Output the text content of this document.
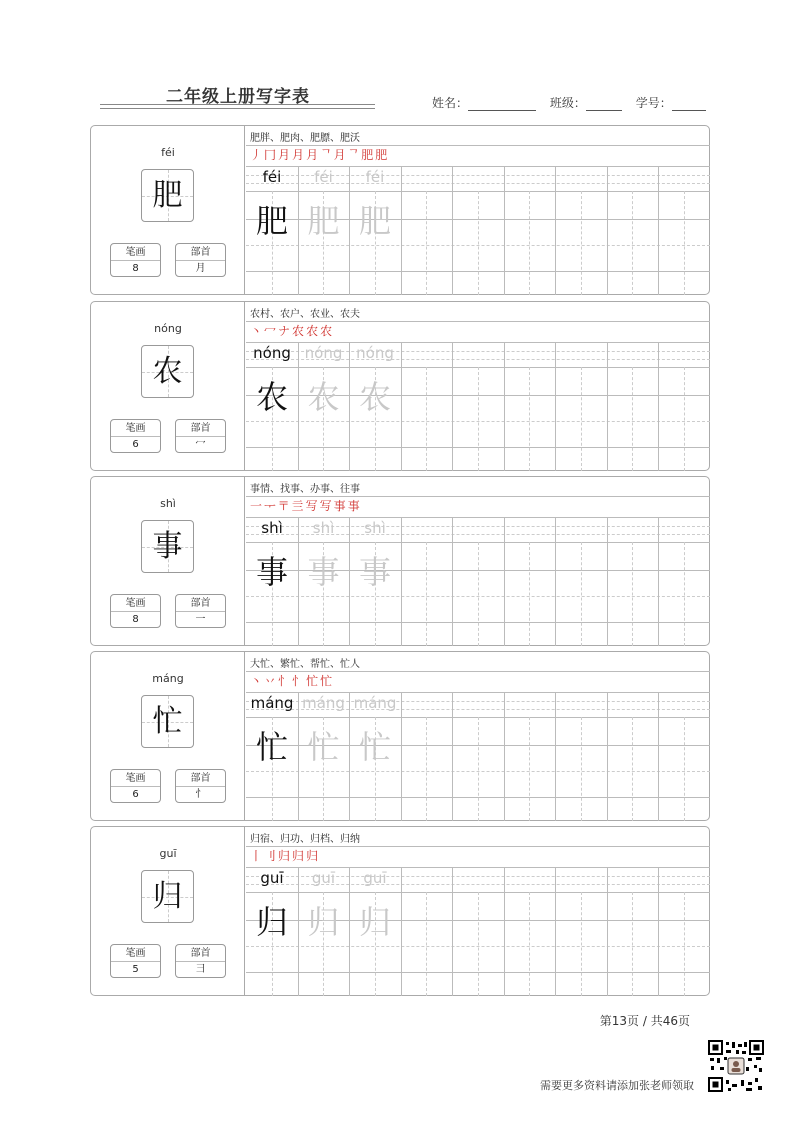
二年级上册写字表	姓名：	班级：	学号：
féi
肥
笔画
8
部首
月
肥胖、肥肉、肥膘、肥沃
丿冂月月月ᄀ月ᄀ肥肥
féi
肥
féi
肥
féi
肥
nóng
农
笔画
6
部首
冖
农村、农户、农业、农夫
丶冖ナ农农农
nóng
农
nóng
农
nóng
农
shì
事
笔画
8
部首
一
事情、找事、办事、往事
一ᅮ〒亖写写事事
shì
事
shì
事
shì
事
máng
忙
笔画
6
部首
忄
大忙、繁忙、帮忙、忙人
丶丷忄忄忙忙
máng
忙
máng
忙
máng
忙
guī
归
笔画
5
部首
彐
归宿、归功、归档、归纳
丨刂归归归
guī
归
guī
归
guī
归
第13页 / 共46页
需要更多资料请添加张老师领取
